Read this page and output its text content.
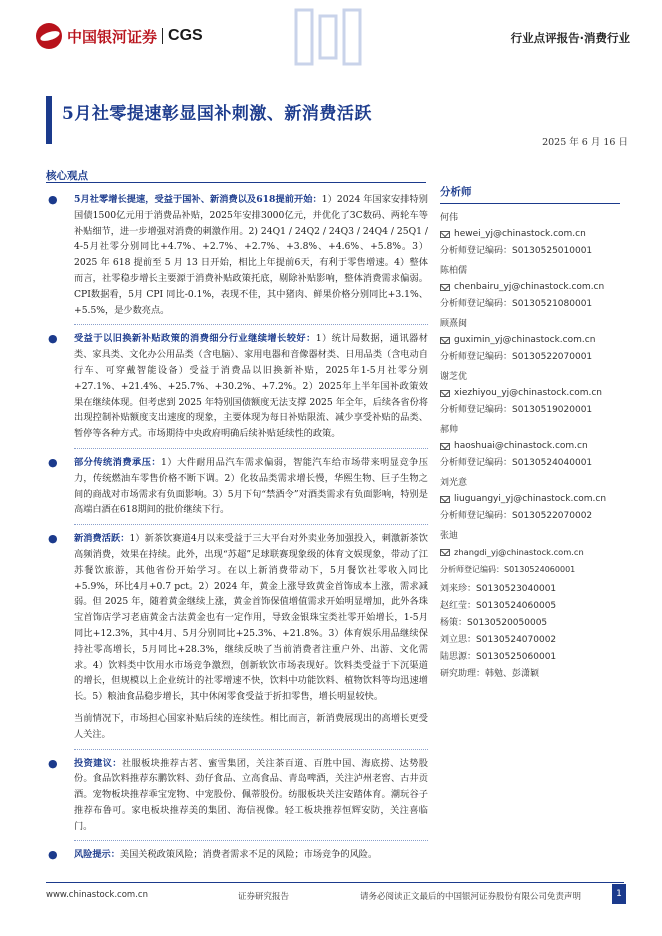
中国银河证券 CGS	行业点评报告·消费行业
5月社零提速彰显国补刺激、新消费活跃
2025 年 6 月 16 日
核心观点
● 5月社零增长提速，受益于国补、新消费以及618提前开始：1）2024 年国家安排特别国债1500亿元用于消费品补贴，2025年安排3000亿元，并优化了3C数码、两轮车等补贴细节，进一步增强对消费的刺激作用。2) 24Q1 / 24Q2 / 24Q3 / 24Q4 / 25Q1 / 4-5月社零分别同比+4.7%、+2.7%、+2.7%、+3.8%、+4.6%、+5.8%。3）2025 年 618 提前至 5 月 13 日开始，相比上年提前6天，有利于零售增速。4）整体而言，社零稳步增长主要源于消费补贴政策托底，剔除补贴影响，整体消费需求偏弱。CPI数据看，5月 CPI 同比-0.1%，表现不佳，其中猪肉、鲜果价格分别同比+3.1%、+5.5%，是少数亮点。
● 受益于以旧换新补贴政策的消费细分行业继续增长较好：1）统计局数据，通讯器材类、家具类、文化办公用品类（含电脑）、家用电器和音像器材类、日用品类（含电动自行车、可穿戴智能设备）受益于消费品以旧换新补贴，2025年1-5月社零分别+27.1%、+21.4%、+25.7%、+30.2%、+7.2%。2）2025年上半年国补政策效果在继续体现。但考虑到 2025 年特别国债额度无法支撑 2025 年全年，后续各省份将出现控制补贴额度支出速度的现象，主要体现为每日补贴限流、减少享受补贴的品类、暂停等各种方式。市场期待中央政府明确后续补贴延续性的政策。
● 部分传统消费承压：1）大件耐用品汽车需求偏弱，智能汽车给市场带来明显竞争压力，传统燃油车零售价格不断下调。2）化妆品类需求增长慢，华熙生物、巨子生物之间的商战对市场需求有负面影响。3）5月下旬“禁酒令”对酒类需求有负面影响，特别是高端白酒在618期间的批价继续下行。
● 新消费活跃：1）新茶饮赛道4月以来受益于三大平台对外卖业务加强投入，刺激新茶饮高频消费，效果在持续。此外，出现“苏超”足球联赛现象级的体育文娱现象，带动了江苏餐饮旅游，其他省份开始学习。在以上新消费带动下，5月餐饮社零收入同比+5.9%，环比4月+0.7 pct。2）2024 年，黄金上涨导致黄金首饰成本上涨，需求减弱。但 2025 年，随着黄金继续上涨，黄金首饰保值增值需求开始明显增加，此外各珠宝首饰店学习老庙黄金古法黄金也有一定作用，导致金银珠宝类社零开始增长，1-5月同比+12.3%，其中4月、5月分别同比+25.3%、+21.8%。3）体育娱乐用品继续保持社零高增长，5月同比+28.3%，继续反映了当前消费者注重户外、出游、文化需求。4）饮料类中饮用水市场竞争激烈，创新软饮市场表现好。饮料类受益于下沉渠道的增长，但规模以上企业统计的社零增速不快，饮料中功能饮料、植物饮料等均迅速增长。5）粮油食品稳步增长，其中休闲零食受益于折扣零售，增长明显较快。
当前情况下，市场担心国家补贴后续的连续性。相比而言，新消费展现出的高增长更受人关注。
● 投资建议：社服板块推荐古茗、蜜雪集团，关注茶百道、百胜中国、海底捞、达势股份。食品饮料推荐东鹏饮料、劲仔食品、立高食品、青岛啤酒，关注泸州老窖、古井贡酒。宠物板块推荐乖宝宠物、中宠股份、佩蒂股份。纺服板块关注安踏体育。潮玩谷子推荐布鲁可。家电板块推荐美的集团、海信视像。轻工板块推荐恒辉安防，关注喜临门。
● 风险提示：美国关税政策风险；消费者需求不足的风险；市场竞争的风险。
分析师
何伟
hewei_yj@chinastock.com.cn
分析师登记编码：S0130525010001
陈柏儒
chenbairu_yj@chinastock.com.cn
分析师登记编码：S0130521080001
顾熹闽
guximin_yj@chinastock.com.cn
分析师登记编码：S0130522070001
谢芝优
xiezhiyou_yj@chinastock.com.cn
分析师登记编码：S0130519020001
郝帅
haoshuai@chinastock.com.cn
分析师登记编码：S0130524040001
刘光意
liuguangyi_yj@chinastock.com.cn
分析师登记编码：S0130522070002
张迪
zhangdi_yj@chinastock.com.cn
分析师登记编码：S0130524060001
刘来珍：S0130523040001
赵红莹：S0130524060005
杨策：S0130520050005
刘立思：S0130524070002
陆思源：S0130525060001
研究助理：韩勉、彭潇颖
www.chinastock.com.cn	证券研究报告	请务必阅读正文最后的中国银河证券股份有限公司免责声明	1
